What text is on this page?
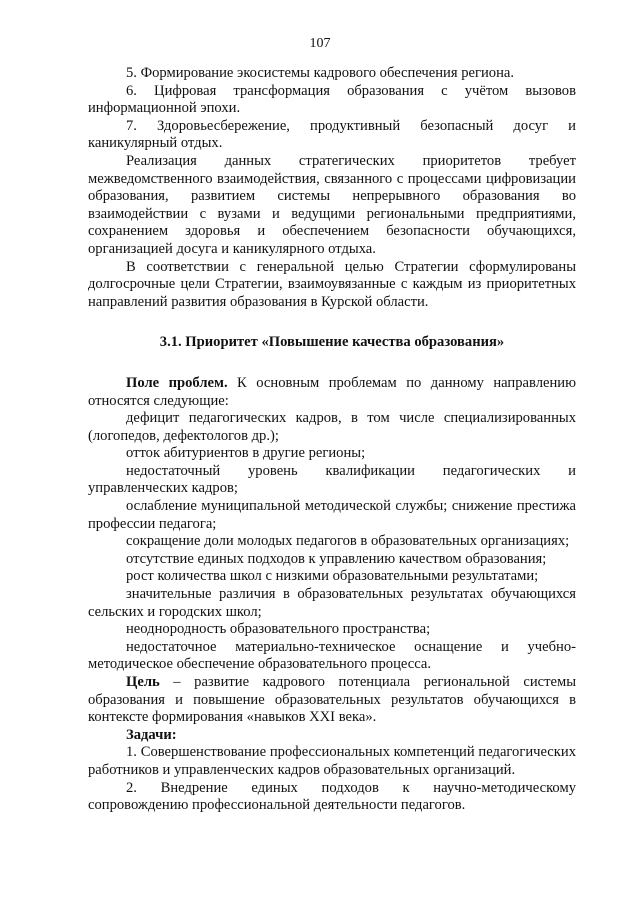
107

5. Формирование экосистемы кадрового обеспечения региона.

6. Цифровая трансформация образования с учётом вызовов информационной эпохи.

7. Здоровьесбережение, продуктивный безопасный досуг и каникулярный отдых.

Реализация данных стратегических приоритетов требует межведомственного взаимодействия, связанного с процессами цифровизации образования, развитием системы непрерывного образования во взаимодействии с вузами и ведущими региональными предприятиями, сохранением здоровья и обеспечением безопасности обучающихся, организацией досуга и каникулярного отдыха.

В соответствии с генеральной целью Стратегии сформулированы долгосрочные цели Стратегии, взаимоувязанные с каждым из приоритетных направлений развития образования в Курской области.

3.1. Приоритет «Повышение качества образования»

Поле проблем. К основным проблемам по данному направлению относятся следующие:

дефицит педагогических кадров, в том числе специализированных (логопедов, дефектологов др.);

отток абитуриентов в другие регионы;

недостаточный уровень квалификации педагогических и управленческих кадров;

ослабление муниципальной методической службы; снижение престижа профессии педагога;

сокращение доли молодых педагогов в образовательных организациях;

отсутствие единых подходов к управлению качеством образования;

рост количества школ с низкими образовательными результатами;

значительные различия в образовательных результатах обучающихся сельских и городских школ;

неоднородность образовательного пространства;

недостаточное материально-техническое оснащение и учебно-методическое обеспечение образовательного процесса.

Цель – развитие кадрового потенциала региональной системы образования и повышение образовательных результатов обучающихся в контексте формирования «навыков XXI века».

Задачи:

1. Совершенствование профессиональных компетенций педагогических работников и управленческих кадров образовательных организаций.

2. Внедрение единых подходов к научно-методическому сопровождению профессиональной деятельности педагогов.
